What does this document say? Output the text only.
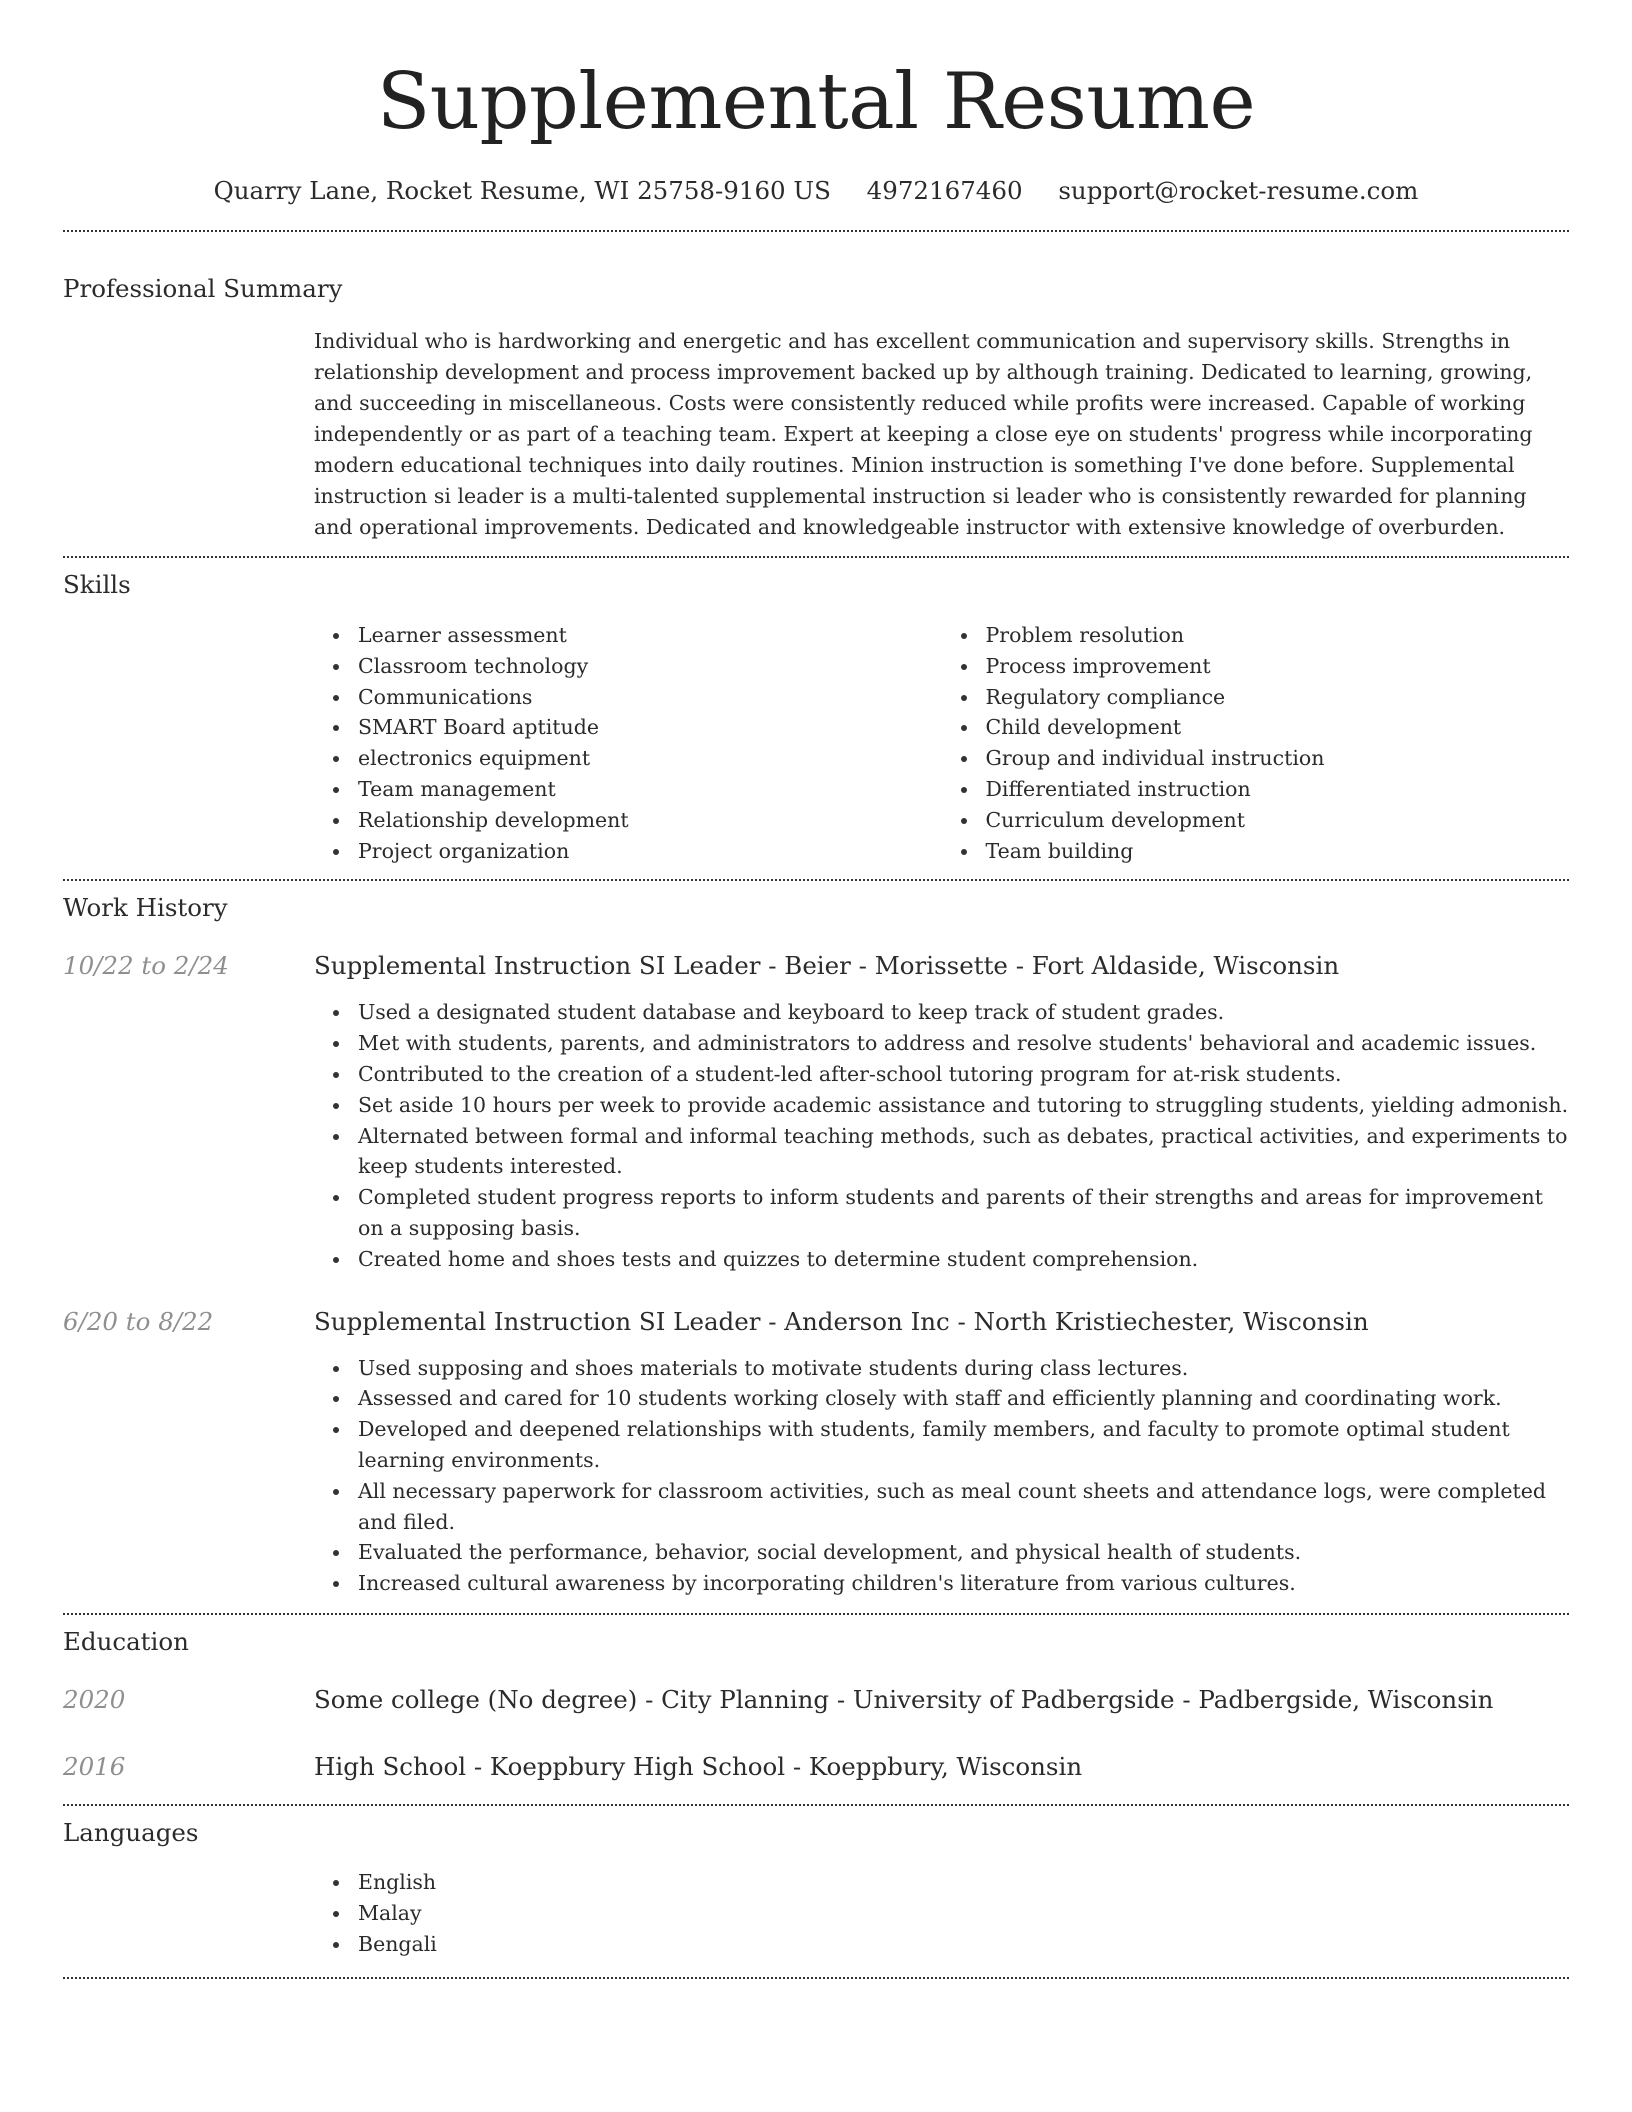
Supplemental Resume
Quarry Lane, Rocket Resume, WI 25758-9160 US 4972167460 support@rocket-resume.com
Professional Summary
Individual who is hardworking and energetic and has excellent communication and supervisory skills. Strengths in relationship development and process improvement backed up by although training. Dedicated to learning, growing, and succeeding in miscellaneous. Costs were consistently reduced while profits were increased. Capable of working independently or as part of a teaching team. Expert at keeping a close eye on students' progress while incorporating modern educational techniques into daily routines. Minion instruction is something I've done before. Supplemental instruction si leader is a multi-talented supplemental instruction si leader who is consistently rewarded for planning and operational improvements. Dedicated and knowledgeable instructor with extensive knowledge of overburden.
Skills
Learner assessment
Classroom technology
Communications
SMART Board aptitude
electronics equipment
Team management
Relationship development
Project organization
Problem resolution
Process improvement
Regulatory compliance
Child development
Group and individual instruction
Differentiated instruction
Curriculum development
Team building
Work History
10/22 to 2/24	Supplemental Instruction SI Leader - Beier - Morissette - Fort Aldaside, Wisconsin
Used a designated student database and keyboard to keep track of student grades.
Met with students, parents, and administrators to address and resolve students' behavioral and academic issues.
Contributed to the creation of a student-led after-school tutoring program for at-risk students.
Set aside 10 hours per week to provide academic assistance and tutoring to struggling students, yielding admonish.
Alternated between formal and informal teaching methods, such as debates, practical activities, and experiments to keep students interested.
Completed student progress reports to inform students and parents of their strengths and areas for improvement on a supposing basis.
Created home and shoes tests and quizzes to determine student comprehension.
6/20 to 8/22	Supplemental Instruction SI Leader - Anderson Inc - North Kristiechester, Wisconsin
Used supposing and shoes materials to motivate students during class lectures.
Assessed and cared for 10 students working closely with staff and efficiently planning and coordinating work.
Developed and deepened relationships with students, family members, and faculty to promote optimal student learning environments.
All necessary paperwork for classroom activities, such as meal count sheets and attendance logs, were completed and filed.
Evaluated the performance, behavior, social development, and physical health of students.
Increased cultural awareness by incorporating children's literature from various cultures.
Education
2020	Some college (No degree) - City Planning - University of Padbergside - Padbergside, Wisconsin
2016	High School - Koeppbury High School - Koeppbury, Wisconsin
Languages
English
Malay
Bengali
